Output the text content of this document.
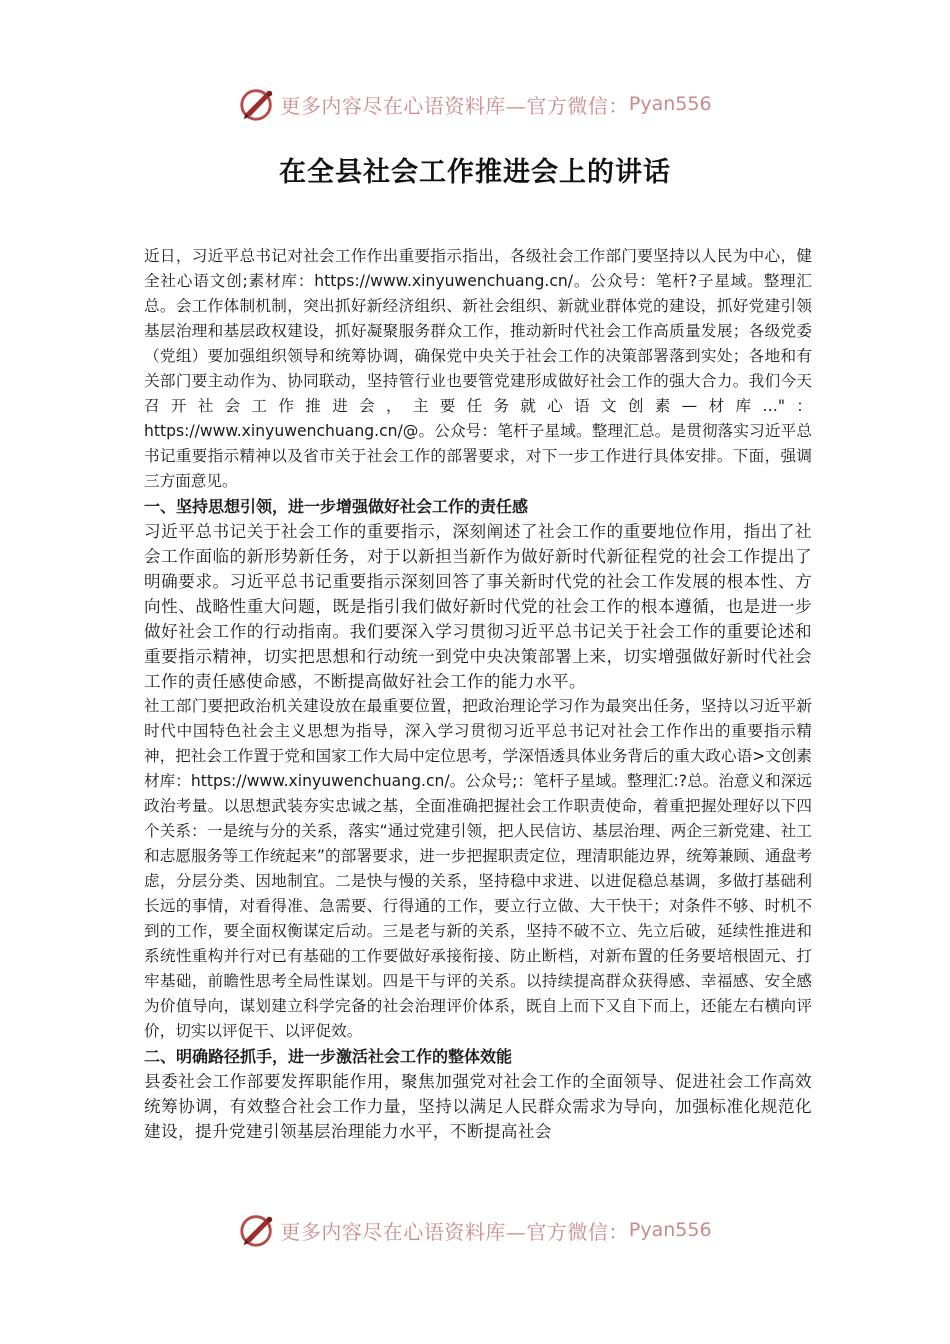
更多内容尽在心语资料库—官方微信： Pyan556
在全县社会工作推进会上的讲话

近日，习近平总书记对社会工作作出重要指示指出，各级社会工作部门要坚持以人民为中心，健全社心语文创;素材库：https://www.xinyuwenchuang.cn/。公众号：笔杆?子星域。整理汇总。会工作体制机制，突出抓好新经济组织、新社会组织、新就业群体党的建设，抓好党建引领基层治理和基层政权建设，抓好凝聚服务群众工作，推动新时代社会工作高质量发展；各级党委（党组）要加强组织领导和统筹协调，确保党中央关于社会工作的决策部署落到实处；各地和有关部门要主动作为、协同联动，坚持管行业也要管党建形成做好社会工作的强大合力。我们今天召开社会工作推进会，主要任务就心语文创素—材库…"：https://www.xinyuwenchuang.cn/@。公众号：笔杆子星域。整理汇总。是贯彻落实习近平总书记重要指示精神以及省市关于社会工作的部署要求，对下一步工作进行具体安排。下面，强调三方面意见。

一、坚持思想引领，进一步增强做好社会工作的责任感

习近平总书记关于社会工作的重要指示，深刻阐述了社会工作的重要地位作用，指出了社会工作面临的新形势新任务，对于以新担当新作为做好新时代新征程党的社会工作提出了明确要求。习近平总书记重要指示深刻回答了事关新时代党的社会工作发展的根本性、方向性、战略性重大问题，既是指引我们做好新时代党的社会工作的根本遵循，也是进一步做好社会工作的行动指南。我们要深入学习贯彻习近平总书记关于社会工作的重要论述和重要指示精神，切实把思想和行动统一到党中央决策部署上来，切实增强做好新时代社会工作的责任感使命感，不断提高做好社会工作的能力水平。

社工部门要把政治机关建设放在最重要位置，把政治理论学习作为最突出任务，坚持以习近平新时代中国特色社会主义思想为指导，深入学习贯彻习近平总书记对社会工作作出的重要指示精神，把社会工作置于党和国家工作大局中定位思考，学深悟透具体业务背后的重大政心语>文创素材库：https://www.xinyuwenchuang.cn/。公众号;：笔杆子星域。整理汇:?总。治意义和深远政治考量。以思想武装夯实忠诚之基，全面准确把握社会工作职责使命，着重把握处理好以下四个关系：一是统与分的关系，落实“通过党建引领，把人民信访、基层治理、两企三新党建、社工和志愿服务等工作统起来”的部署要求，进一步把握职责定位，理清职能边界，统筹兼顾、通盘考虑，分层分类、因地制宜。二是快与慢的关系，坚持稳中求进、以进促稳总基调，多做打基础利长远的事情，对看得准、急需要、行得通的工作，要立行立做、大干快干；对条件不够、时机不到的工作，要全面权衡谋定后动。三是老与新的关系，坚持不破不立、先立后破，延续性推进和系统性重构并行对已有基础的工作要做好承接衔接、防止断档，对新布置的任务要培根固元、打牢基础，前瞻性思考全局性谋划。四是干与评的关系。以持续提高群众获得感、幸福感、安全感为价值导向，谋划建立科学完备的社会治理评价体系，既自上而下又自下而上，还能左右横向评价，切实以评促干、以评促效。

二、明确路径抓手，进一步激活社会工作的整体效能

县委社会工作部要发挥职能作用，聚焦加强党对社会工作的全面领导、促进社会工作高效统筹协调，有效整合社会工作力量，坚持以满足人民群众需求为导向，加强标准化规范化建设，提升党建引领基层治理能力水平，不断提高社会

更多内容尽在心语资料库—官方微信： Pyan556
